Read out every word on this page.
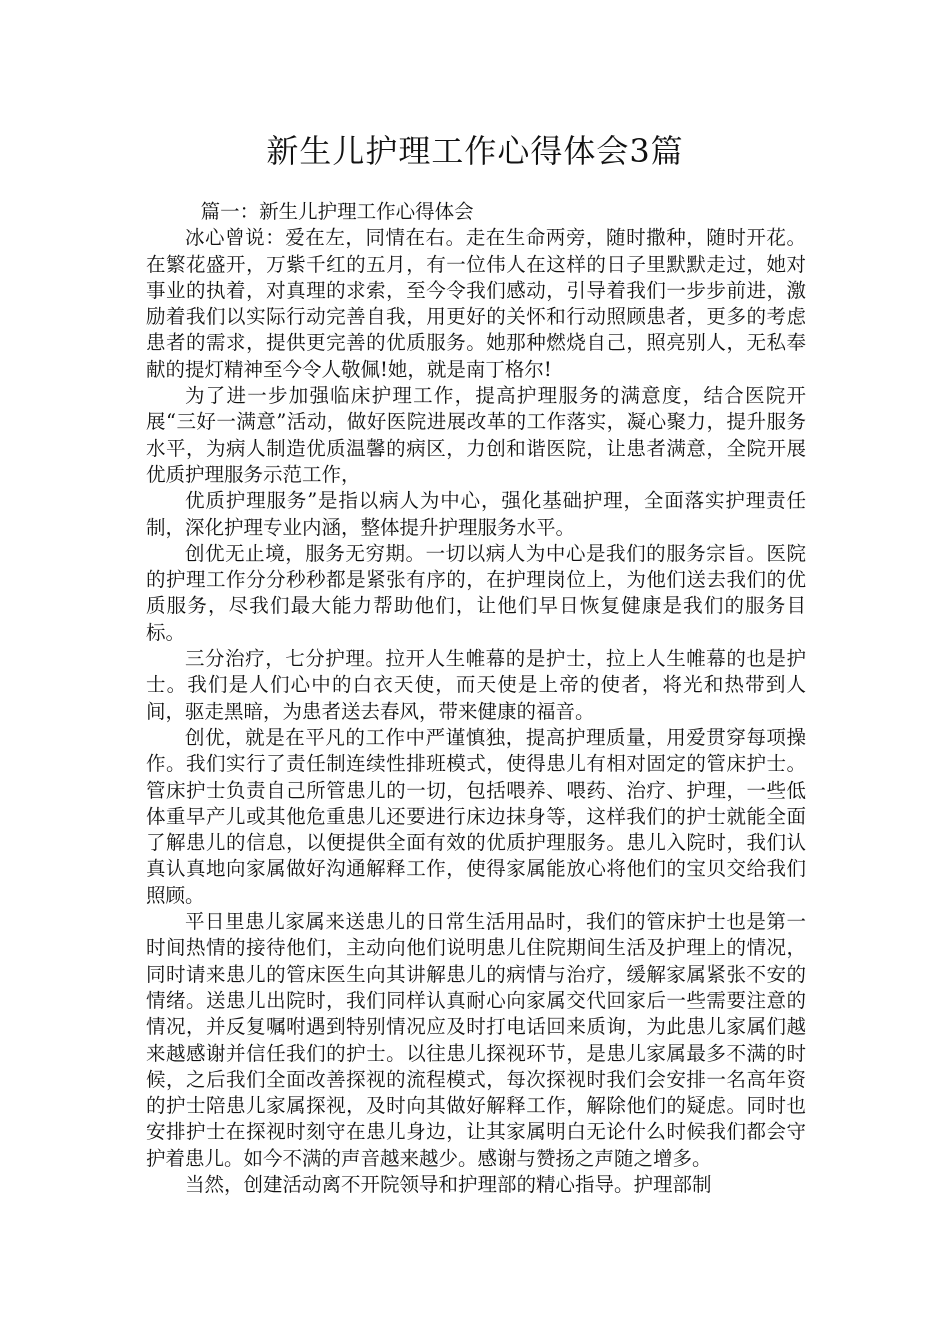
新生儿护理工作心得体会3篇

篇一：新生儿护理工作心得体会

冰心曾说：爱在左，同情在右。走在生命两旁，随时撒种，随时开花。在繁花盛开，万紫千红的五月，有一位伟人在这样的日子里默默走过，她对事业的执着，对真理的求索，至今令我们感动，引导着我们一步步前进，激励着我们以实际行动完善自我，用更好的关怀和行动照顾患者，更多的考虑患者的需求，提供更完善的优质服务。她那种燃烧自己，照亮别人，无私奉献的提灯精神至今令人敬佩!她，就是南丁格尔!

为了进一步加强临床护理工作，提高护理服务的满意度，结合医院开展“三好一满意”活动，做好医院进展改革的工作落实，凝心聚力，提升服务水平，为病人制造优质温馨的病区，力创和谐医院，让患者满意，全院开展优质护理服务示范工作，

优质护理服务”是指以病人为中心，强化基础护理，全面落实护理责任制，深化护理专业内涵，整体提升护理服务水平。

创优无止境，服务无穷期。一切以病人为中心是我们的服务宗旨。医院的护理工作分分秒秒都是紧张有序的，在护理岗位上，为他们送去我们的优质服务，尽我们最大能力帮助他们，让他们早日恢复健康是我们的服务目标。

三分治疗，七分护理。拉开人生帷幕的是护士，拉上人生帷幕的也是护士。我们是人们心中的白衣天使，而天使是上帝的使者，将光和热带到人间，驱走黑暗，为患者送去春风，带来健康的福音。

创优，就是在平凡的工作中严谨慎独，提高护理质量，用爱贯穿每项操作。我们实行了责任制连续性排班模式，使得患儿有相对固定的管床护士。管床护士负责自己所管患儿的一切，包括喂养、喂药、治疗、护理，一些低体重早产儿或其他危重患儿还要进行床边抹身等，这样我们的护士就能全面了解患儿的信息，以便提供全面有效的优质护理服务。患儿入院时，我们认真认真地向家属做好沟通解释工作，使得家属能放心将他们的宝贝交给我们照顾。

平日里患儿家属来送患儿的日常生活用品时，我们的管床护士也是第一时间热情的接待他们，主动向他们说明患儿住院期间生活及护理上的情况，同时请来患儿的管床医生向其讲解患儿的病情与治疗，缓解家属紧张不安的情绪。送患儿出院时，我们同样认真耐心向家属交代回家后一些需要注意的情况，并反复嘱咐遇到特别情况应及时打电话回来质询，为此患儿家属们越来越感谢并信任我们的护士。以往患儿探视环节，是患儿家属最多不满的时候，之后我们全面改善探视的流程模式，每次探视时我们会安排一名高年资的护士陪患儿家属探视，及时向其做好解释工作，解除他们的疑虑。同时也安排护士在探视时刻守在患儿身边，让其家属明白无论什么时候我们都会守护着患儿。如今不满的声音越来越少。感谢与赞扬之声随之增多。

当然，创建活动离不开院领导和护理部的精心指导。护理部制
